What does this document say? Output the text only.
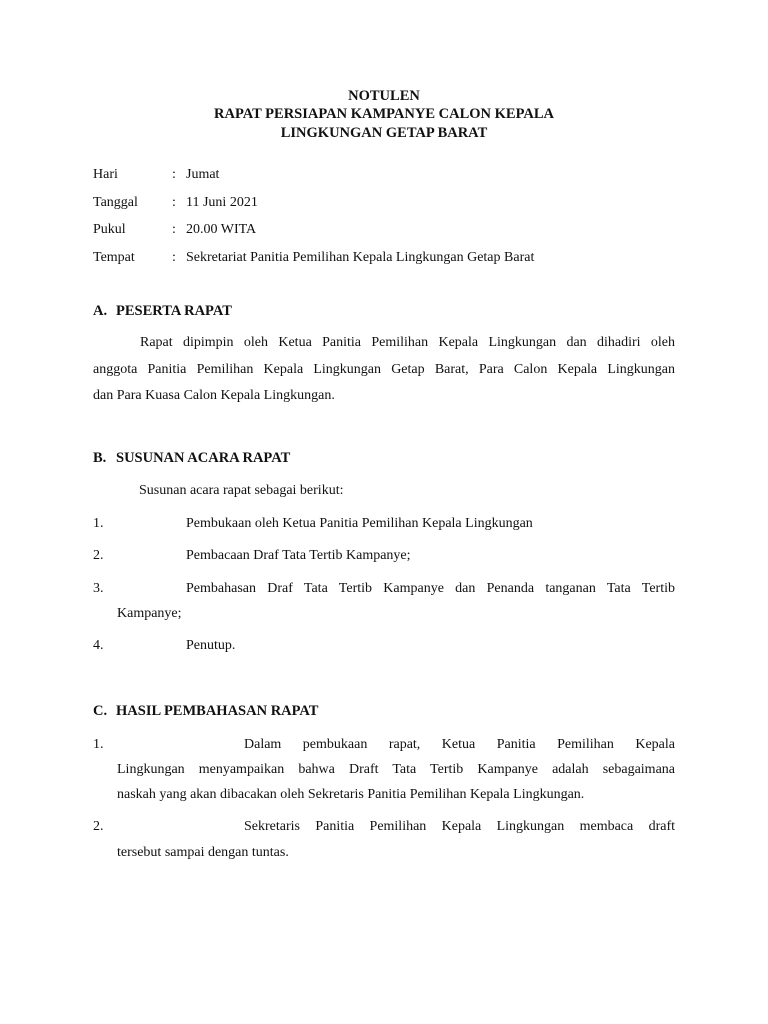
NOTULEN
RAPAT PERSIAPAN KAMPANYE CALON KEPALA
LINGKUNGAN GETAP BARAT
Hari	: Jumat
Tanggal : 11 Juni 2021
Pukul	: 20.00 WITA
Tempat	: Sekretariat Panitia Pemilihan Kepala Lingkungan Getap Barat
A. PESERTA RAPAT
Rapat dipimpin oleh Ketua Panitia Pemilihan Kepala Lingkungan dan dihadiri oleh
anggota Panitia Pemilihan Kepala Lingkungan Getap Barat, Para Calon Kepala Lingkungan
dan Para Kuasa Calon Kepala Lingkungan.
B. SUSUNAN ACARA RAPAT
Susunan acara rapat sebagai berikut:
1.	Pembukaan oleh Ketua Panitia Pemilihan Kepala Lingkungan
2.	Pembacaan Draf Tata Tertib Kampanye;
3.	Pembahasan Draf Tata Tertib Kampanye dan Penanda tanganan Tata Tertib
Kampanye;
4.	Penutup.
C. HASIL PEMBAHASAN RAPAT
1.	Dalam pembukaan rapat, Ketua Panitia Pemilihan Kepala
Lingkungan menyampaikan bahwa Draft Tata Tertib Kampanye adalah sebagaimana
naskah yang akan dibacakan oleh Sekretaris Panitia Pemilihan Kepala Lingkungan.
2.	Sekretaris Panitia Pemilihan Kepala Lingkungan membaca draft
tersebut sampai dengan tuntas.
